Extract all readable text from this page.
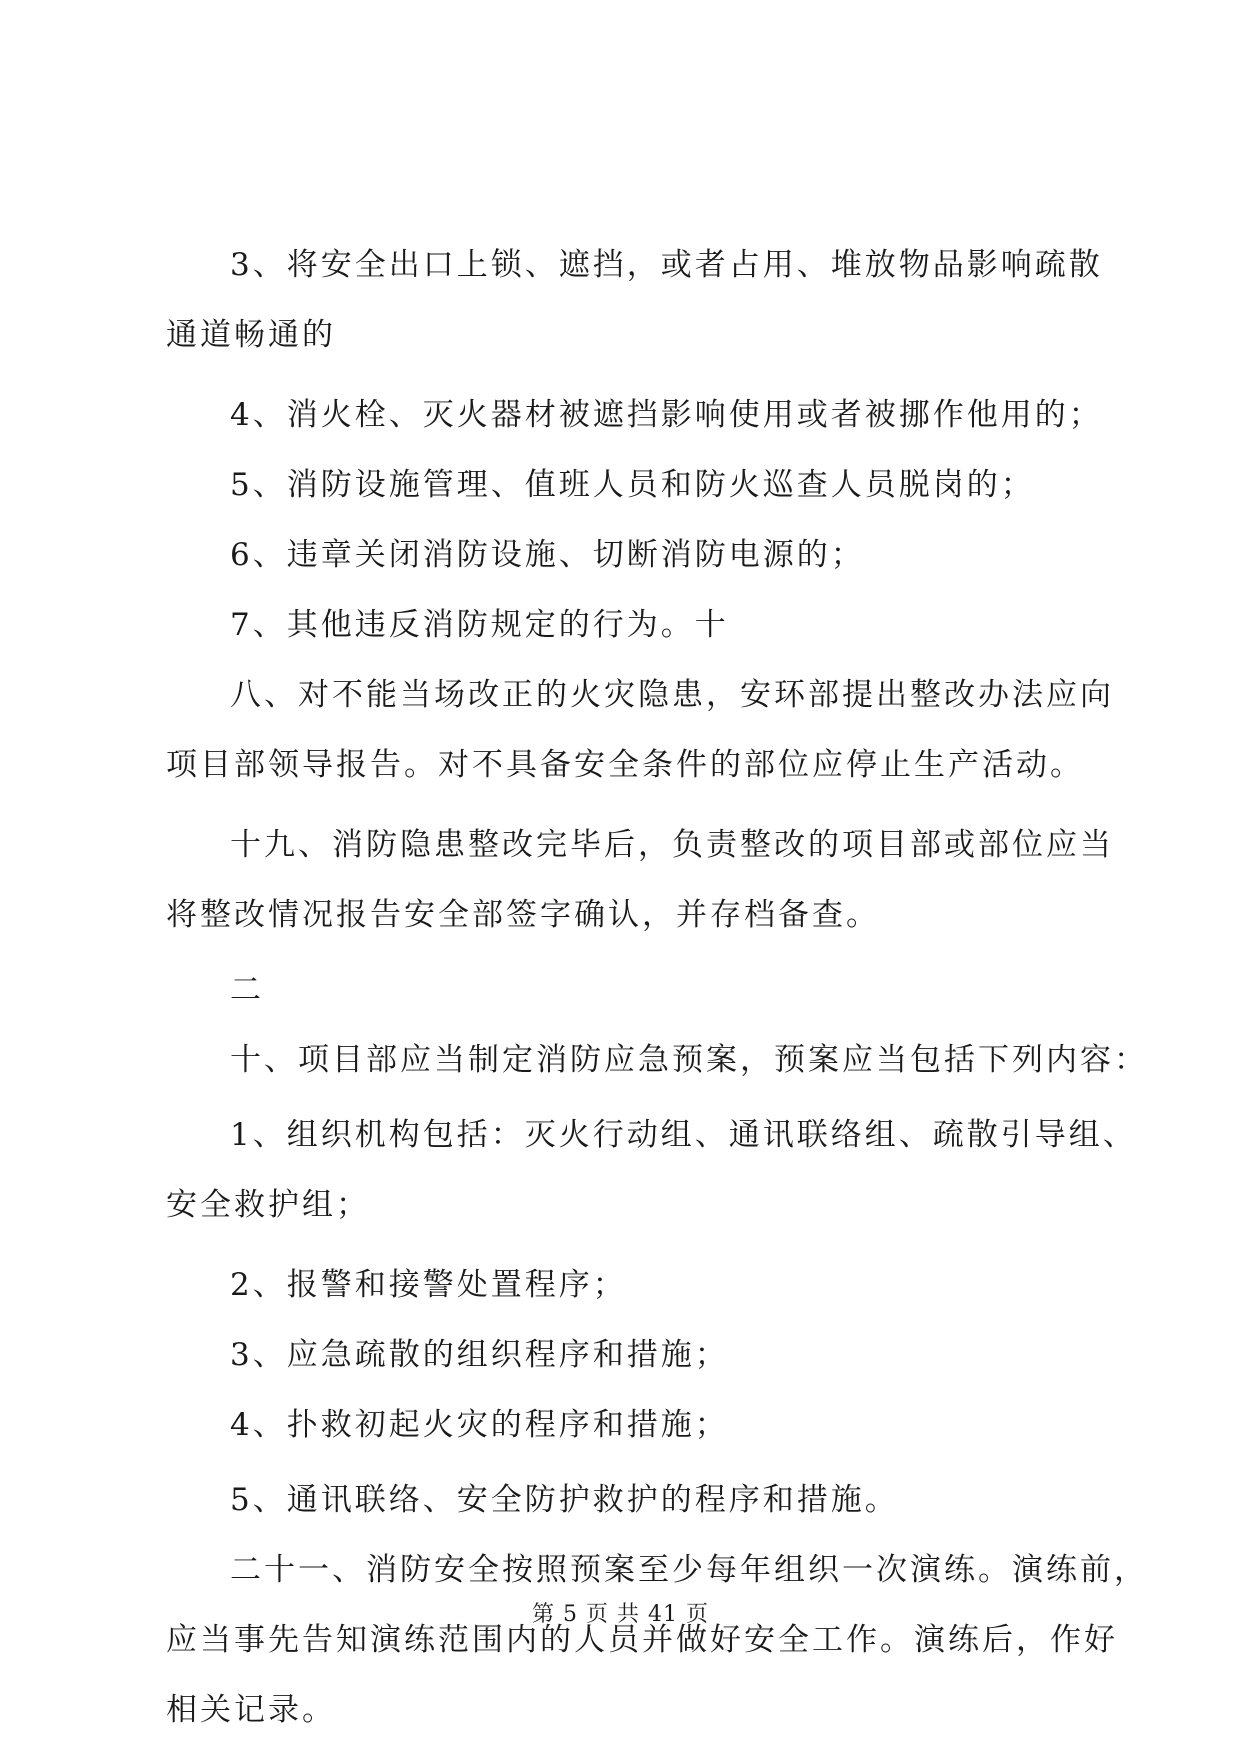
3、将安全出口上锁、遮挡，或者占用、堆放物品影响疏散
通道畅通的
4、消火栓、灭火器材被遮挡影响使用或者被挪作他用的；
5、消防设施管理、值班人员和防火巡查人员脱岗的；
6、违章关闭消防设施、切断消防电源的；
7、其他违反消防规定的行为。十
八、对不能当场改正的火灾隐患，安环部提出整改办法应向
项目部领导报告。对不具备安全条件的部位应停止生产活动。
十九、消防隐患整改完毕后，负责整改的项目部或部位应当
将整改情况报告安全部签字确认，并存档备查。
二
十、项目部应当制定消防应急预案，预案应当包括下列内容：
1、组织机构包括：灭火行动组、通讯联络组、疏散引导组、
安全救护组；
2、报警和接警处置程序；
3、应急疏散的组织程序和措施；
4、扑救初起火灾的程序和措施；
5、通讯联络、安全防护救护的程序和措施。
二十一、消防安全按照预案至少每年组织一次演练。演练前，
应当事先告知演练范围内的人员并做好安全工作。演练后，作好
相关记录。
第 5 页 共 41 页
